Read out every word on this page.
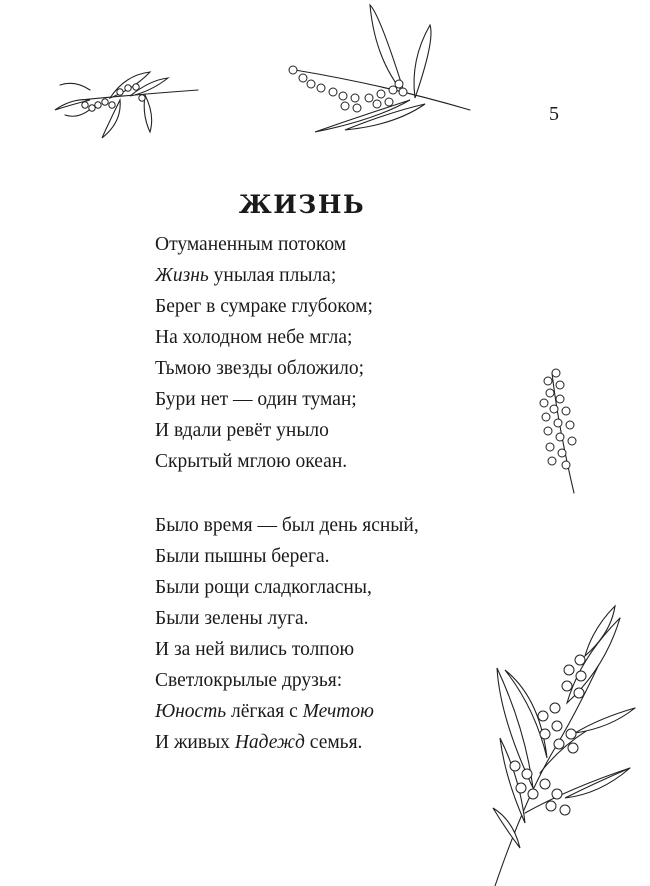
5
ЖИЗНЬ
Отуманенным потоком
Жизнь унылая плыла;
Берег в сумраке глубоком;
На холодном небе мгла;
Тьмою звезды обложило;
Бури нет — один туман;
И вдали ревёт уныло
Скрытый мглою океан.
Было время — был день ясный,
Были пышны берега.
Были рощи сладкогласны,
Были зелены луга.
И за ней вились толпою
Светлокрылые друзья:
Юность лёгкая с Мечтою
И живых Надежд семья.
